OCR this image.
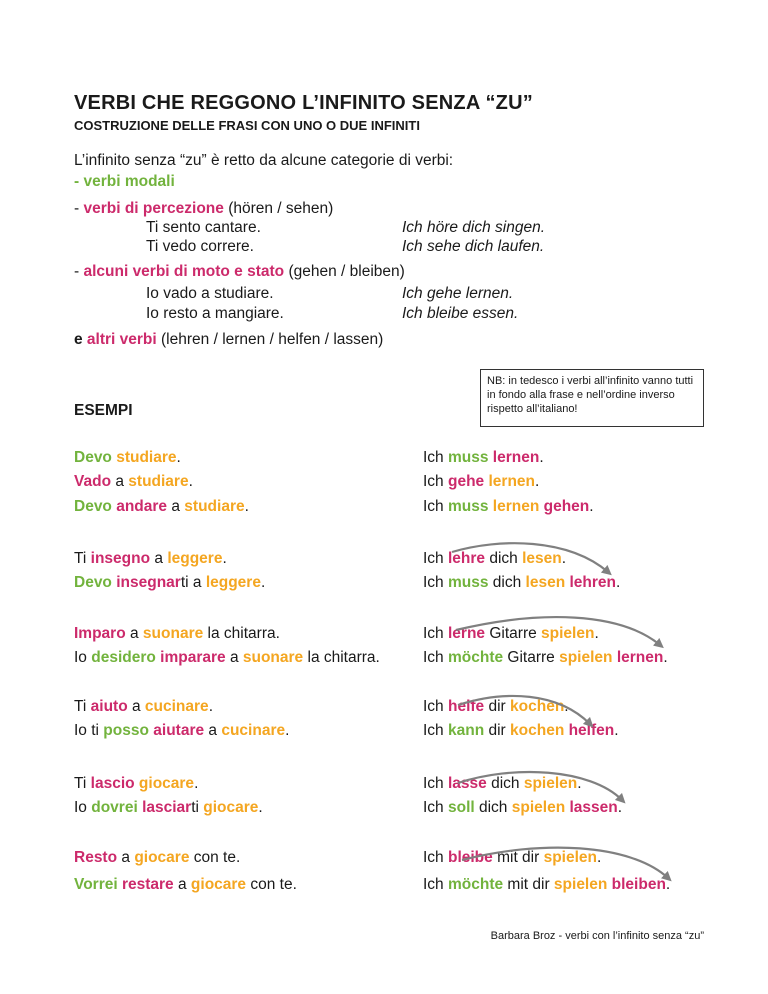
VERBI CHE REGGONO L’INFINITO SENZA “ZU”
COSTRUZIONE DELLE FRASI CON UNO O DUE INFINITI
L’infinito senza “zu” è retto da alcune categorie di verbi:
- verbi modali
- verbi di percezione (hören / sehen)
Ti sento cantare.	Ich höre dich singen.
Ti vedo correre.	Ich sehe dich laufen.
- alcuni verbi di moto e stato (gehen / bleiben)
Io vado a studiare.	Ich gehe lernen.
Io resto a mangiare.	Ich bleibe essen.
e altri verbi (lehren / lernen / helfen / lassen)
NB: in tedesco i verbi all’infinito vanno tutti in fondo alla frase e nell’ordine inverso rispetto all’italiano!
ESEMPI
Devo studiare.	Ich muss lernen.
Vado a studiare.	Ich gehe lernen.
Devo andare a studiare.	Ich muss lernen gehen.
Ti insegno a leggere.	Ich lehre dich lesen.
Devo insegnarti a leggere.	Ich muss dich lesen lehren.
Imparo a suonare la chitarra.	Ich lerne Gitarre spielen.
Io desidero imparare a suonare la chitarra.	Ich möchte Gitarre spielen lernen.
Ti aiuto a cucinare.	Ich helfe dir kochen.
Io ti posso aiutare a cucinare.	Ich kann dir kochen helfen.
Ti lascio giocare.	Ich lasse dich spielen.
Io dovrei lasciarti giocare.	Ich soll dich spielen lassen.
Resto a giocare con te.	Ich bleibe mit dir spielen.
Vorrei restare a giocare con te.	Ich möchte mit dir spielen bleiben.
Barbara Broz - verbi con l’infinito senza “zu”
